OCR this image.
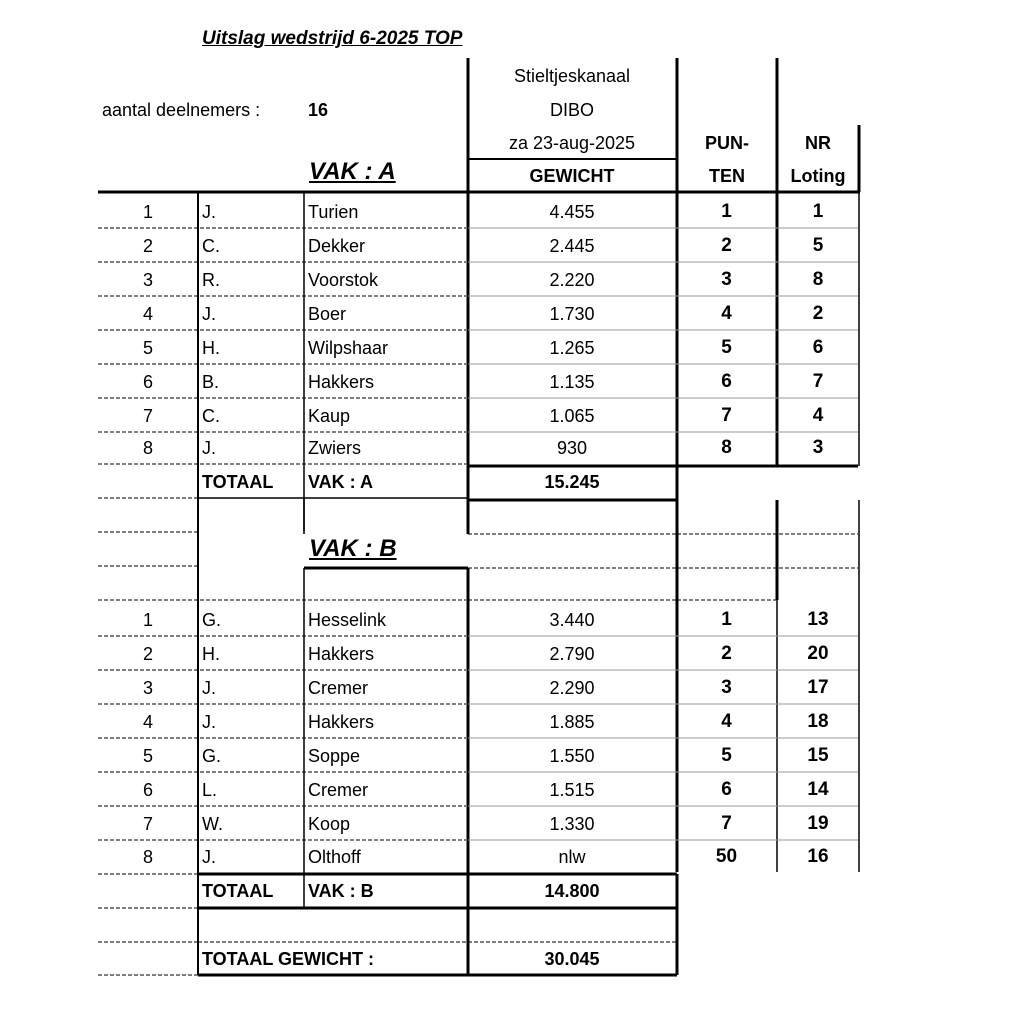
Uitslag wedstrijd 6-2025 TOP
aantal deelnemers :	16
Stieltjeskanaal
DIBO
za 23-aug-2025
GEWICHT
PUN-
TEN
NR
Loting
VAK : A
1	J.	Turien	4.455	1	1
2	C.	Dekker	2.445	2	5
3	R.	Voorstok	2.220	3	8
4	J.	Boer	1.730	4	2
5	H.	Wilpshaar	1.265	5	6
6	B.	Hakkers	1.135	6	7
7	C.	Kaup	1.065	7	4
8	J.	Zwiers	930	8	3
TOTAAL VAK : A	15.245
VAK : B
1	G.	Hesselink	3.440	1	13
2	H.	Hakkers	2.790	2	20
3	J.	Cremer	2.290	3	17
4	J.	Hakkers	1.885	4	18
5	G.	Soppe	1.550	5	15
6	L.	Cremer	1.515	6	14
7	W.	Koop	1.330	7	19
8	J.	Olthoff	nlw	50	16
TOTAAL VAK : B	14.800
TOTAAL GEWICHT :	30.045
